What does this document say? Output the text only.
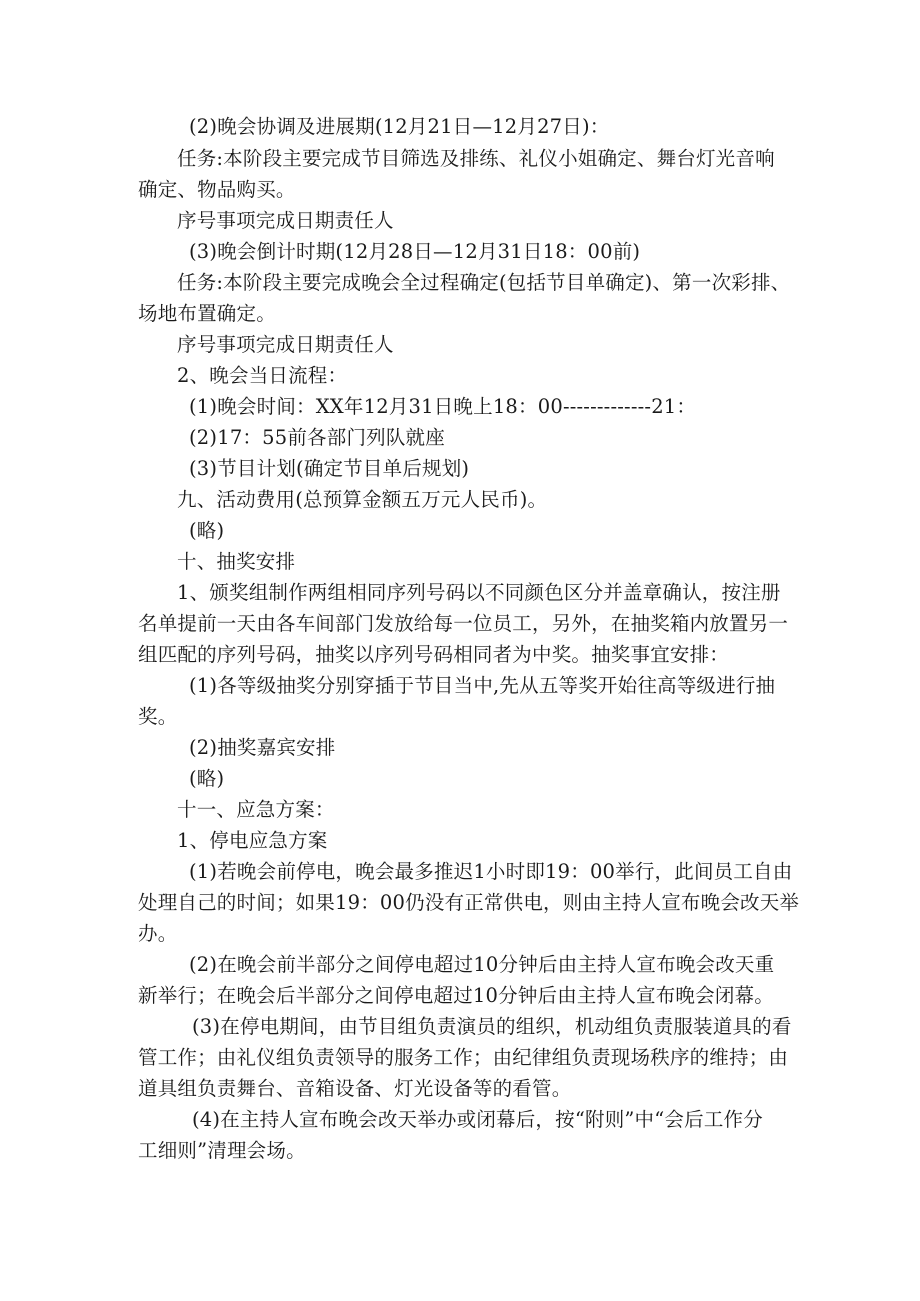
(2)晚会协调及进展期(12月21日—12月27日)：
任务:本阶段主要完成节目筛选及排练、礼仪小姐确定、舞台灯光音响
确定、物品购买。
序号事项完成日期责任人
(3)晚会倒计时期(12月28日—12月31日18：00前)
任务:本阶段主要完成晚会全过程确定(包括节目单确定)、第一次彩排、
场地布置确定。
序号事项完成日期责任人
2、晚会当日流程：
(1)晚会时间：XX年12月31日晚上18：00-------------21：
(2)17：55前各部门列队就座
(3)节目计划(确定节目单后规划)
九、活动费用(总预算金额五万元人民币)。
(略)
十、抽奖安排
1、颁奖组制作两组相同序列号码以不同颜色区分并盖章确认，按注册
名单提前一天由各车间部门发放给每一位员工，另外，在抽奖箱内放置另一
组匹配的序列号码，抽奖以序列号码相同者为中奖。抽奖事宜安排：
(1)各等级抽奖分别穿插于节目当中,先从五等奖开始往高等级进行抽
奖。
(2)抽奖嘉宾安排
(略)
十一、应急方案：
1、停电应急方案
(1)若晚会前停电，晚会最多推迟1小时即19：00举行，此间员工自由
处理自己的时间；如果19：00仍没有正常供电，则由主持人宣布晚会改天举
办。
(2)在晚会前半部分之间停电超过10分钟后由主持人宣布晚会改天重
新举行；在晚会后半部分之间停电超过10分钟后由主持人宣布晚会闭幕。
(3)在停电期间，由节目组负责演员的组织，机动组负责服装道具的看
管工作；由礼仪组负责领导的服务工作；由纪律组负责现场秩序的维持；由
道具组负责舞台、音箱设备、灯光设备等的看管。
(4)在主持人宣布晚会改天举办或闭幕后，按“附则”中“会后工作分
工细则”清理会场。
